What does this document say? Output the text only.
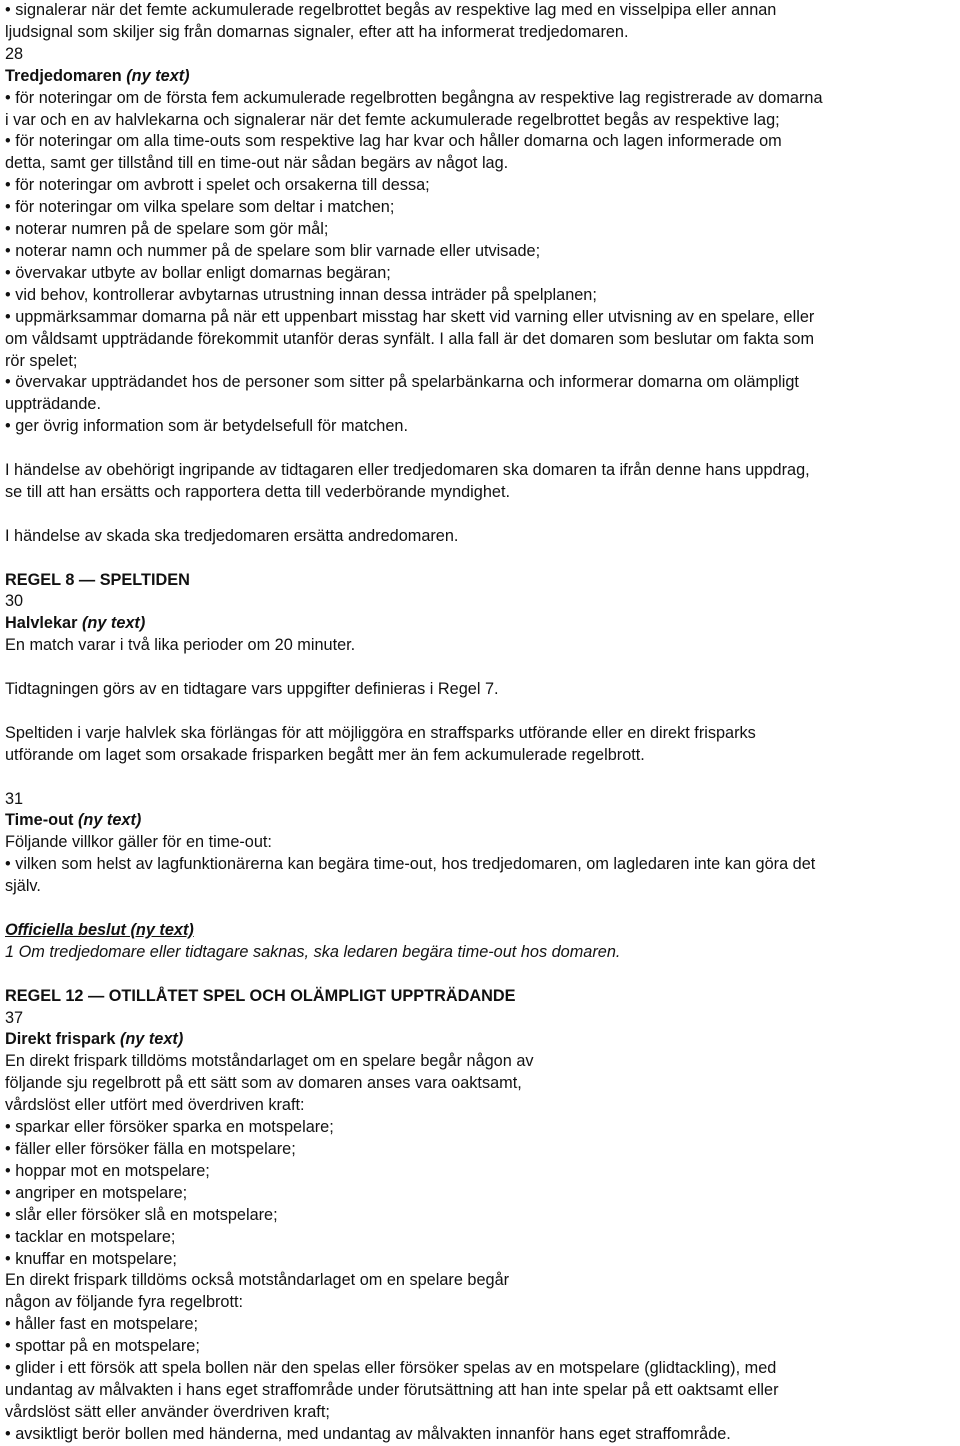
• signalerar när det femte ackumulerade regelbrottet begås av respektive lag med en visselpipa eller annan
ljudsignal som skiljer sig från domarnas signaler, efter att ha informerat tredjedomaren.
28
Tredjedomaren (ny text)
• för noteringar om de första fem ackumulerade regelbrotten begångna av respektive lag registrerade av domarna
i var och en av halvlekarna och signalerar när det femte ackumulerade regelbrottet begås av respektive lag;
• för noteringar om alla time-outs som respektive lag har kvar och håller domarna och lagen informerade om
detta, samt ger tillstånd till en time-out när sådan begärs av något lag.
• för noteringar om avbrott i spelet och orsakerna till dessa;
• för noteringar om vilka spelare som deltar i matchen;
• noterar numren på de spelare som gör mål;
• noterar namn och nummer på de spelare som blir varnade eller utvisade;
• övervakar utbyte av bollar enligt domarnas begäran;
• vid behov, kontrollerar avbytarnas utrustning innan dessa inträder på spelplanen;
• uppmärksammar domarna på när ett uppenbart misstag har skett vid varning eller utvisning av en spelare, eller
om våldsamt uppträdande förekommit utanför deras synfält. I alla fall är det domaren som beslutar om fakta som
rör spelet;
• övervakar uppträdandet hos de personer som sitter på spelarbänkarna och informerar domarna om olämpligt
uppträdande.
• ger övrig information som är betydelsefull för matchen.
I händelse av obehörigt ingripande av tidtagaren eller tredjedomaren ska domaren ta ifrån denne hans uppdrag,
se till att han ersätts och rapportera detta till vederbörande myndighet.
I händelse av skada ska tredjedomaren ersätta andredomaren.
REGEL 8 — SPELTIDEN
30
Halvlekar (ny text)
En match varar i två lika perioder om 20 minuter.
Tidtagningen görs av en tidtagare vars uppgifter definieras i Regel 7.
Speltiden i varje halvlek ska förlängas för att möjliggöra en straffsparks utförande eller en direkt frisparks
utförande om laget som orsakade frisparken begått mer än fem ackumulerade regelbrott.
31
Time-out (ny text)
Följande villkor gäller för en time-out:
• vilken som helst av lagfunktionärerna kan begära time-out, hos tredjedomaren, om lagledaren inte kan göra det
själv.
Officiella beslut (ny text)
1 Om tredjedomare eller tidtagare saknas, ska ledaren begära time-out hos domaren.
REGEL 12 — OTILLÅTET SPEL OCH OLÄMPLIGT UPPTRÄDANDE
37
Direkt frispark (ny text)
En direkt frispark tilldöms motståndarlaget om en spelare begår någon av
följande sju regelbrott på ett sätt som av domaren anses vara oaktsamt,
vårdslöst eller utfört med överdriven kraft:
• sparkar eller försöker sparka en motspelare;
• fäller eller försöker fälla en motspelare;
• hoppar mot en motspelare;
• angriper en motspelare;
• slår eller försöker slå en motspelare;
• tacklar en motspelare;
• knuffar en motspelare;
En direkt frispark tilldöms också motståndarlaget om en spelare begår
någon av följande fyra regelbrott:
• håller fast en motspelare;
• spottar på en motspelare;
• glider i ett försök att spela bollen när den spelas eller försöker spelas av en motspelare (glidtackling), med
undantag av målvakten i hans eget straffområde under förutsättning att han inte spelar på ett oaktsamt eller
vårdslöst sätt eller använder överdriven kraft;
• avsiktligt berör bollen med händerna, med undantag av målvakten innanför hans eget straffområde.
